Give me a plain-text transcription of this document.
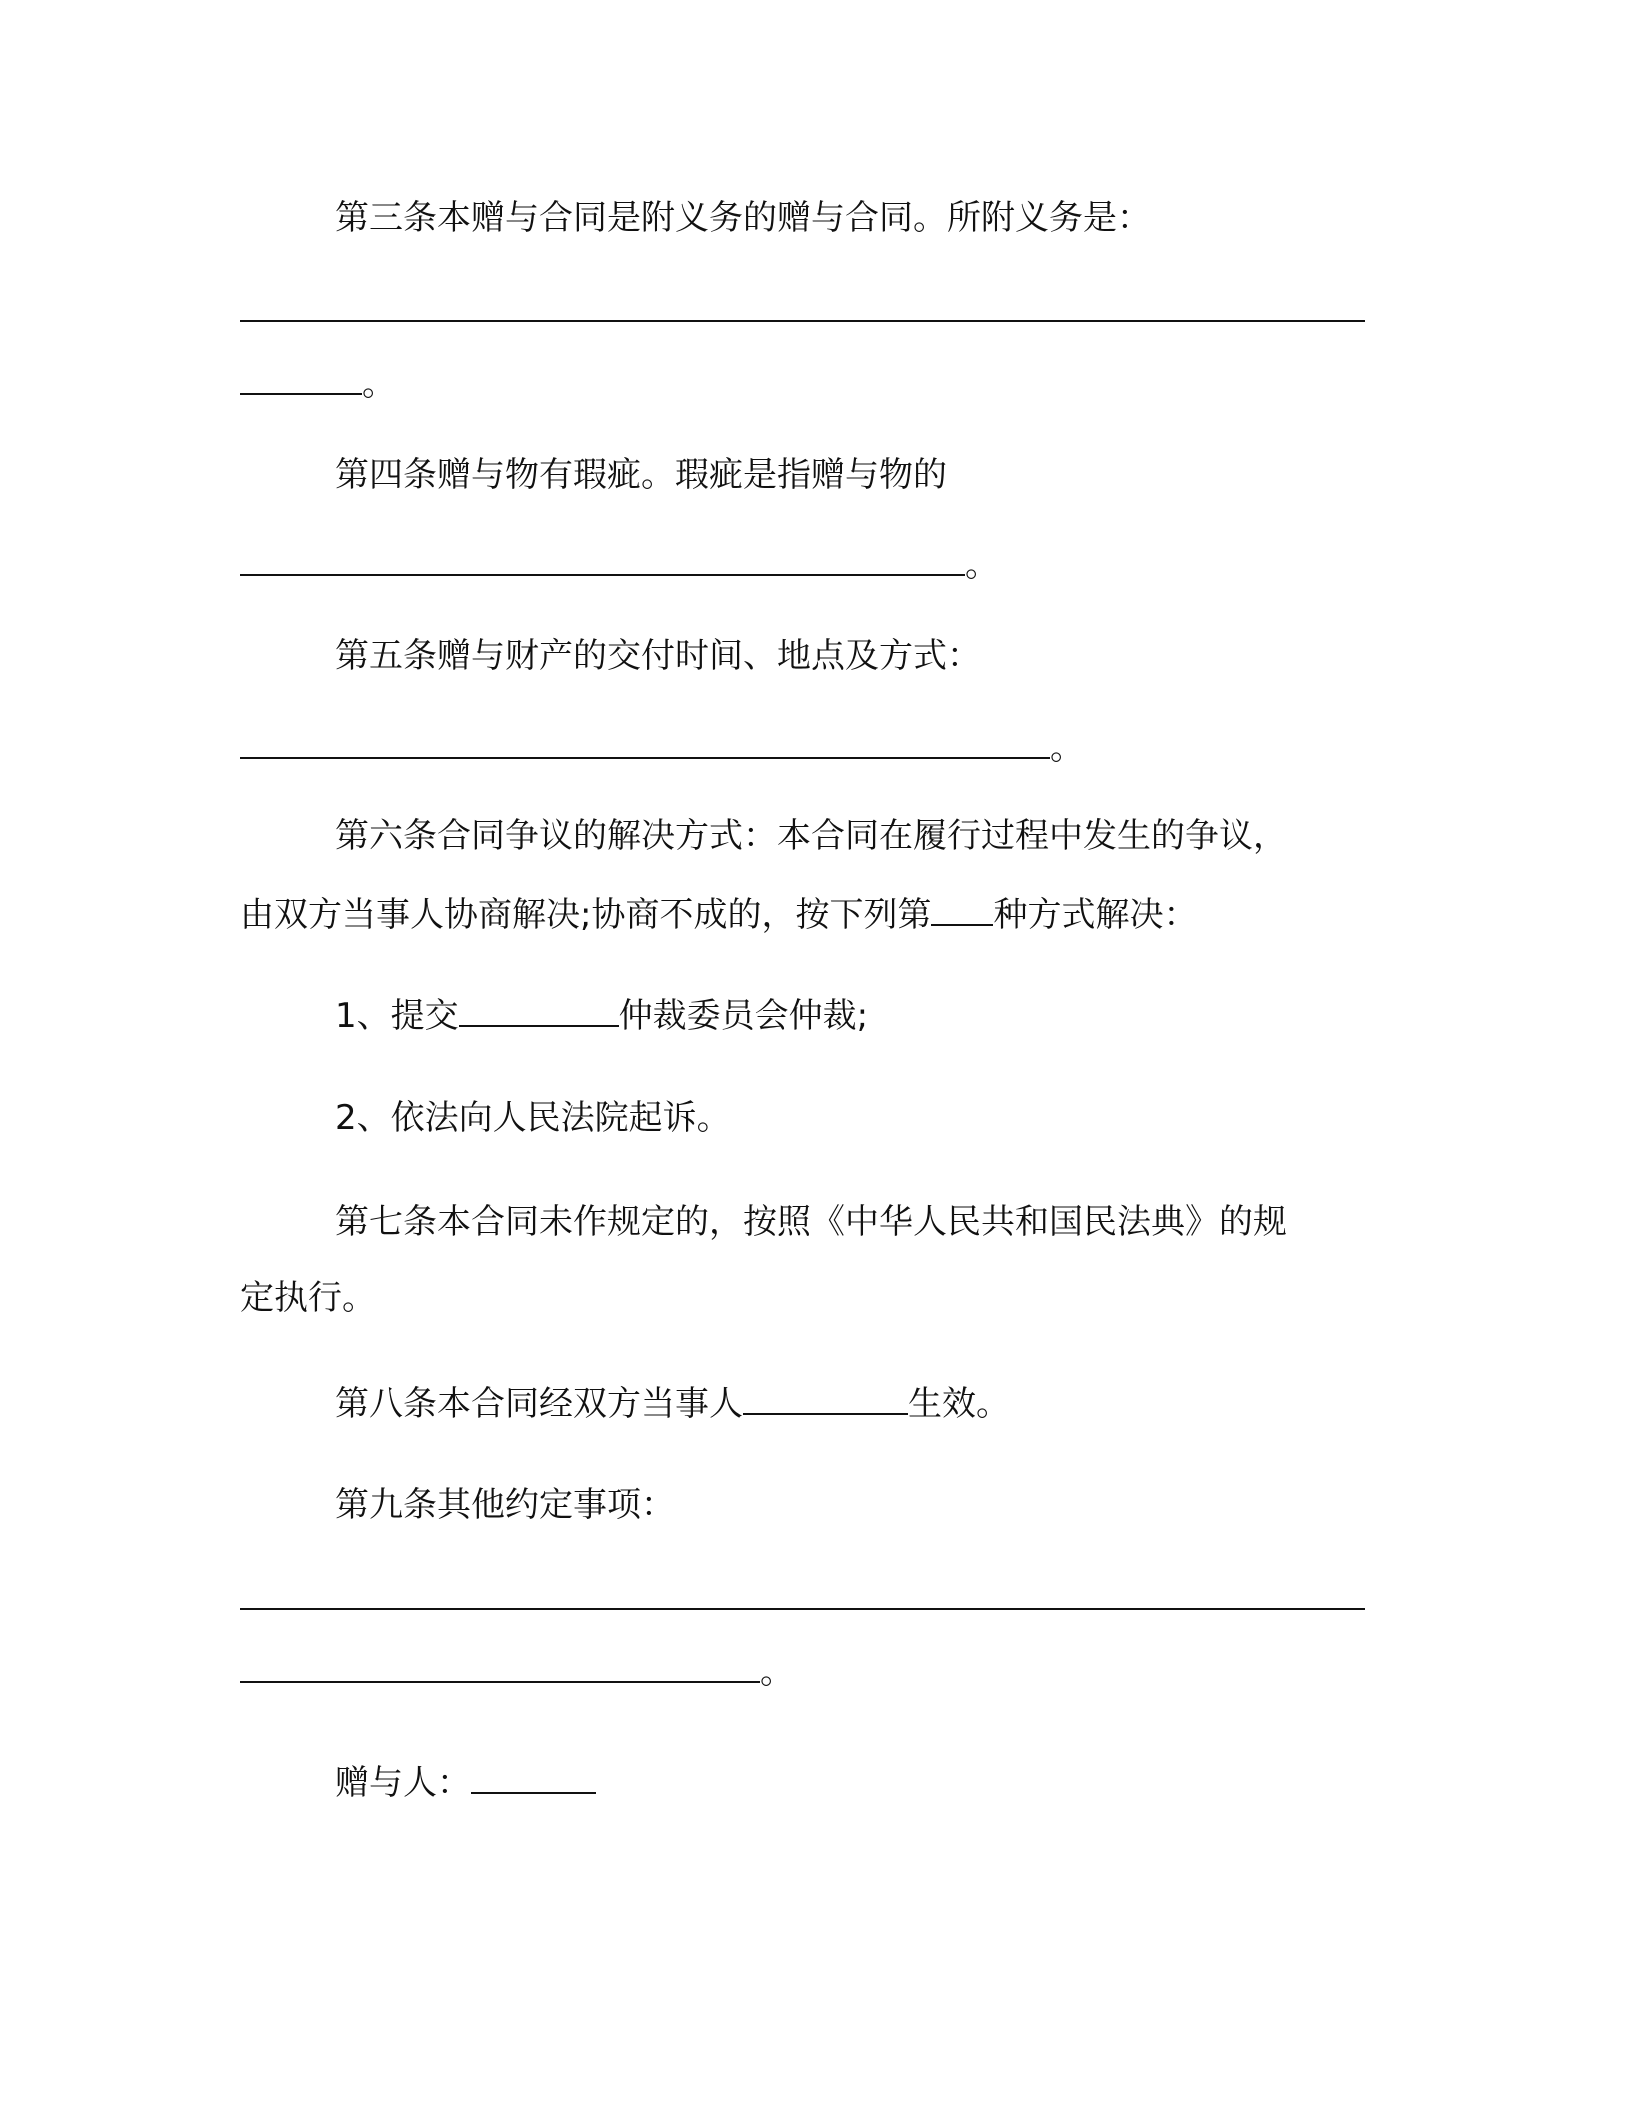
第三条本赠与合同是附义务的赠与合同。所附义务是：
。
第四条赠与物有瑕疵。瑕疵是指赠与物的
。
第五条赠与财产的交付时间、地点及方式：
。
第六条合同争议的解决方式：本合同在履行过程中发生的争议，
由双方当事人协商解决;协商不成的，按下列第 种方式解决：
1、提交	仲裁委员会仲裁;
2、依法向人民法院起诉。
第七条本合同未作规定的，按照《中华人民共和国民法典》的规
定执行。
第八条本合同经双方当事人	生效。
第九条其他约定事项：
。
赠与人：
